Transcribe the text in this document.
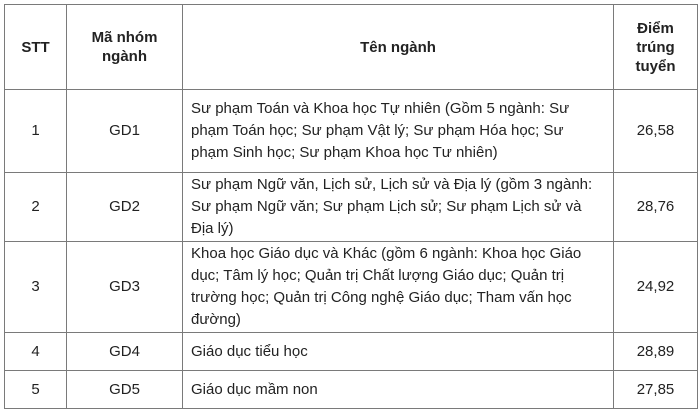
STT	Mã nhóm ngành	Tên ngành	Điểm trúng tuyển
1	GD1	Sư phạm Toán và Khoa học Tự nhiên (Gồm 5 ngành: Sư phạm Toán học; Sư phạm Vật lý; Sư phạm Hóa học; Sư phạm Sinh học; Sư phạm Khoa học Tư nhiên)	26,58
2	GD2	Sư phạm Ngữ văn, Lịch sử, Lịch sử và Địa lý (gồm 3 ngành: Sư phạm Ngữ văn; Sư phạm Lịch sử; Sư phạm Lịch sử và Địa lý)	28,76
3	GD3	Khoa học Giáo dục và Khác (gồm 6 ngành: Khoa học Giáo dục; Tâm lý học; Quản trị Chất lượng Giáo dục; Quản trị trường học; Quản trị Công nghệ Giáo dục; Tham vấn học đường)	24,92
4	GD4	Giáo dục tiểu học	28,89
5	GD5	Giáo dục mầm non	27,85
